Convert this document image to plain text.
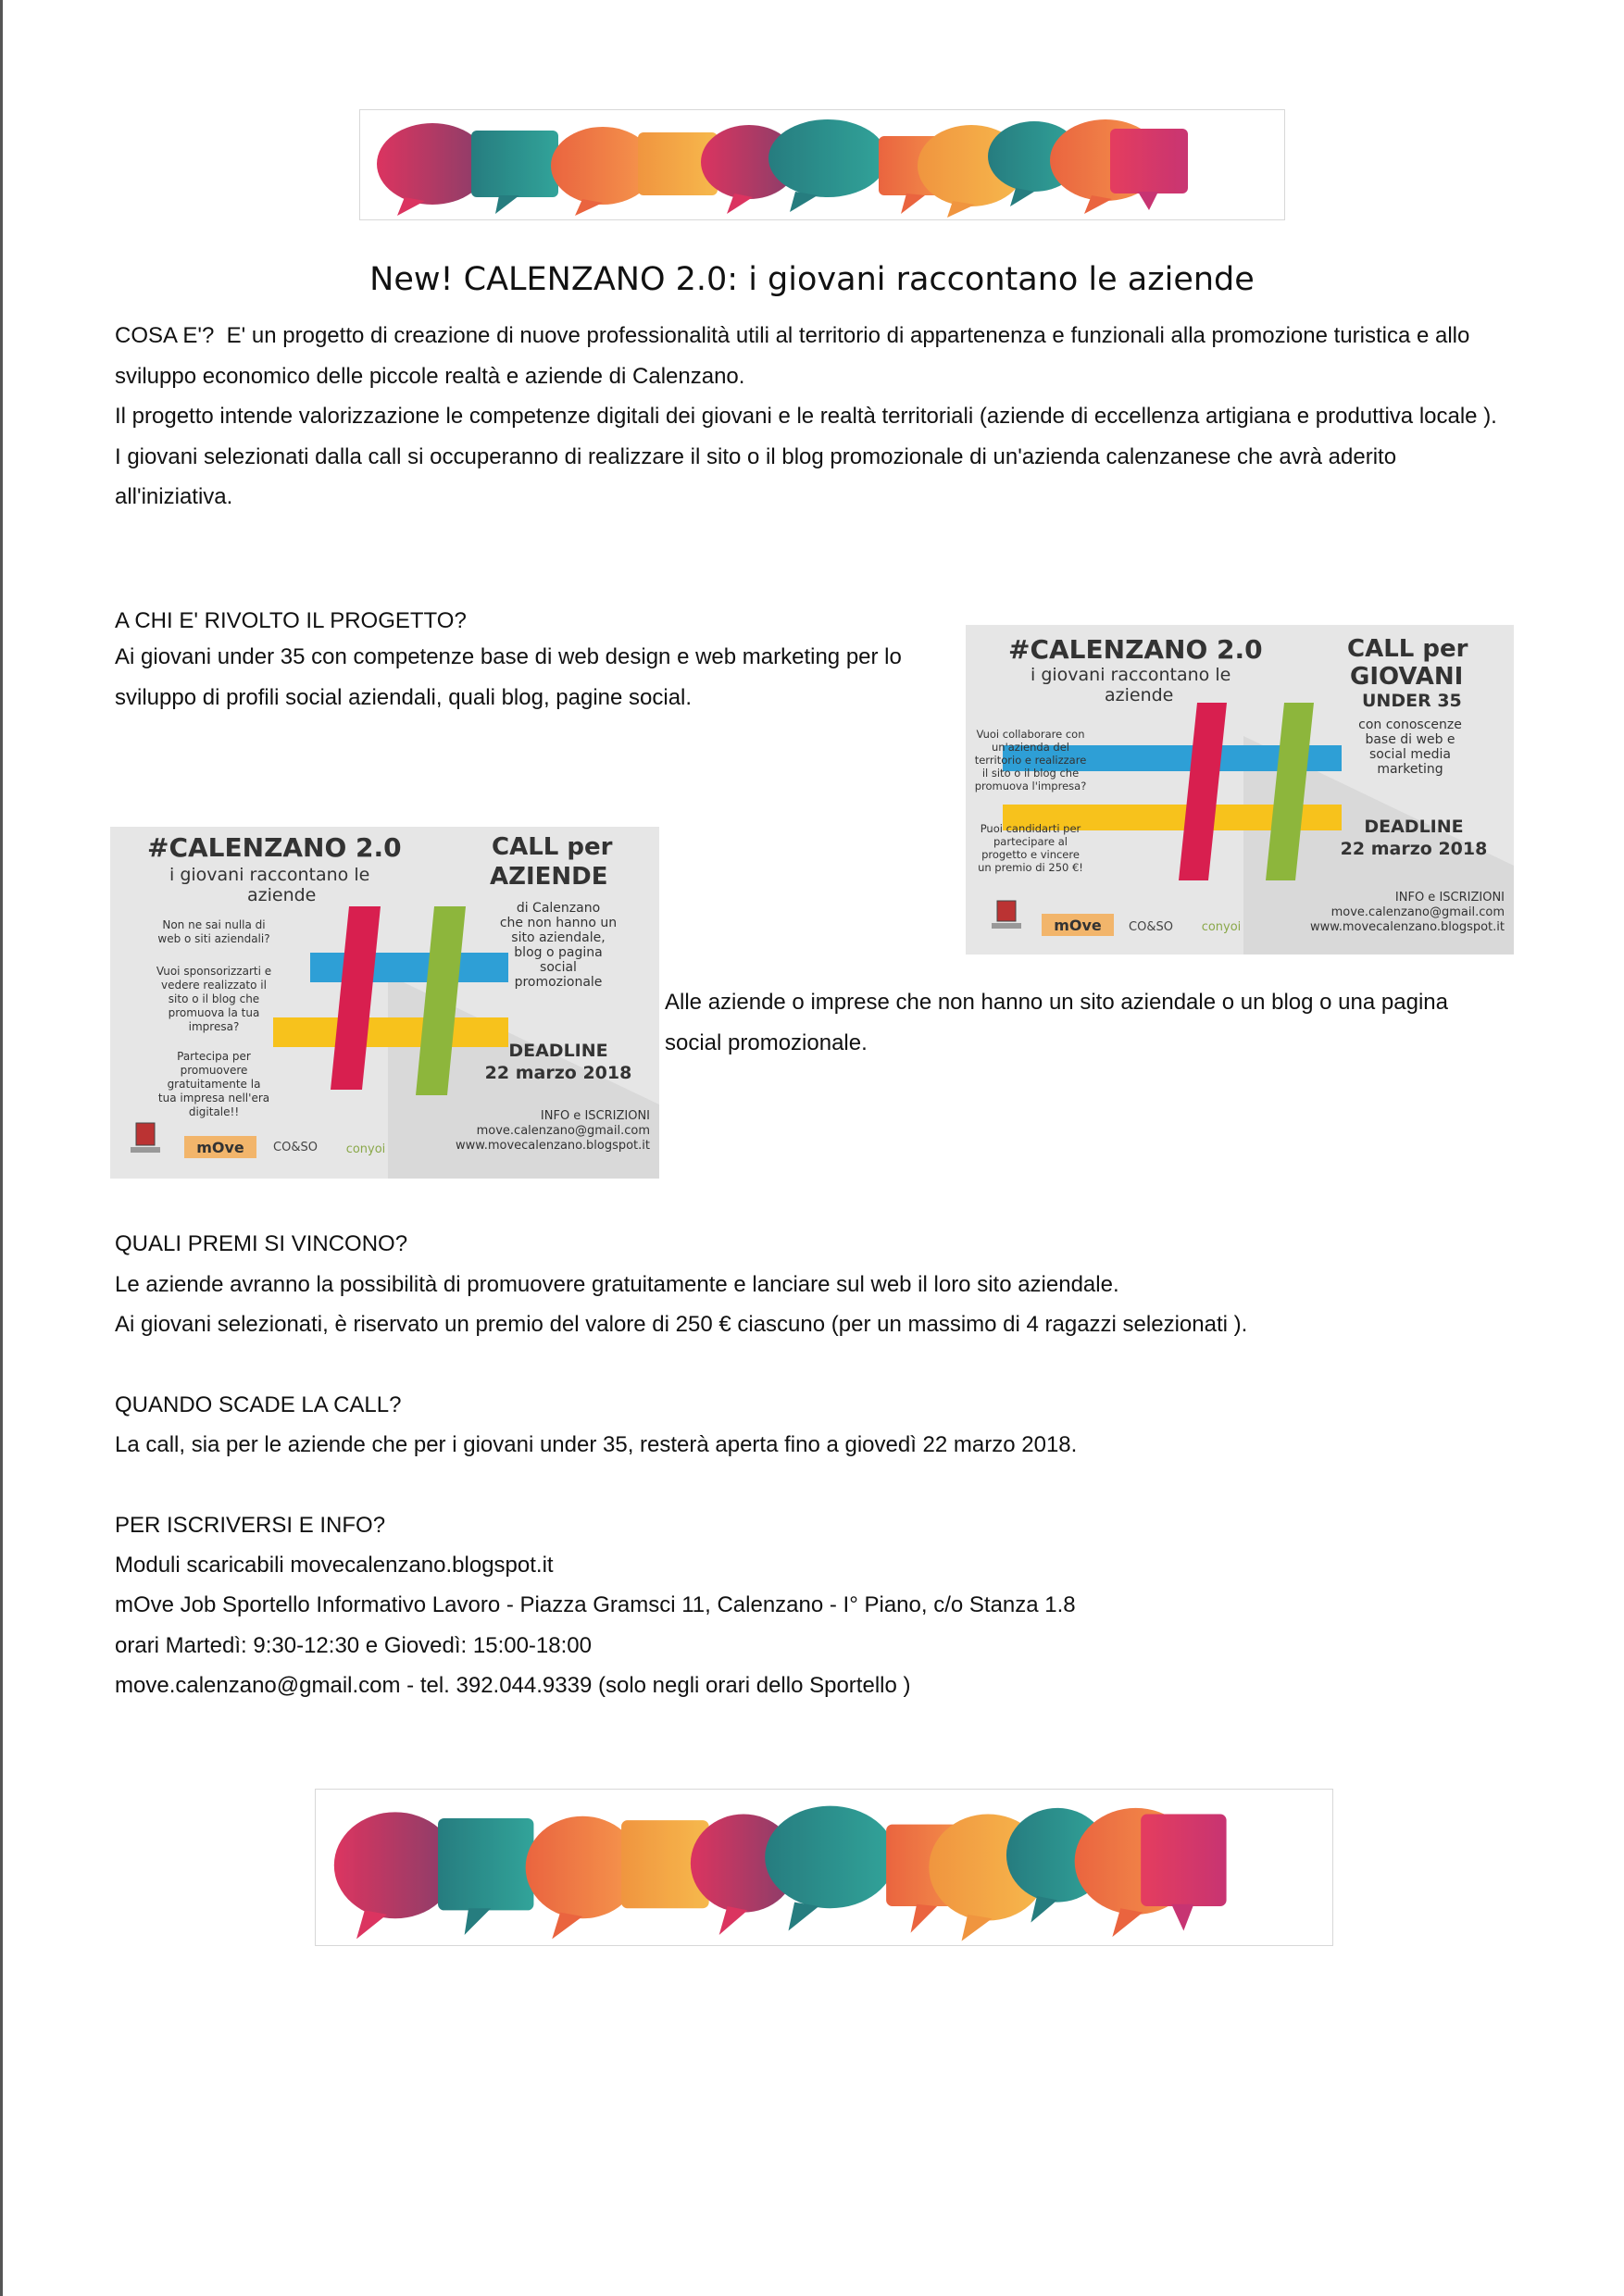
New! CALENZANO 2.0: i giovani raccontano le aziende

COSA E'? E' un progetto di creazione di nuove professionalità utili al territorio di appartenenza e funzionali alla promozione turistica e allo sviluppo economico delle piccole realtà e aziende di Calenzano.
Il progetto intende valorizzazione le competenze digitali dei giovani e le realtà territoriali (aziende di eccellenza artigiana e produttiva locale ).
I giovani selezionati dalla call si occuperanno di realizzare il sito o il blog promozionale di un'azienda calenzanese che avrà aderito all'iniziativa.

A CHI E' RIVOLTO IL PROGETTO?

Ai giovani under 35 con competenze base di web design e web marketing per lo sviluppo di profili social aziendali, quali blog, pagine social.

#CALENZANO 2.0
i giovani raccontano le
aziende
CALL per
GIOVANI
UNDER 35
Vuoi collaborare con
un'azienda del
territorio e realizzare
il sito o il blog che
promuova l'impresa?
Puoi candidarti per
partecipare al
progetto e vincere
un premio di 250 €!
con conoscenze
base di web e
social media
marketing
DEADLINE
22 marzo 2018
INFO e ISCRIZIONI
move.calenzano@gmail.com
www.movecalenzano.blogspot.it
mOve CO&SO conyoi
#CALENZANO 2.0
i giovani raccontano le
aziende
CALL per
AZIENDE
Non ne sai nulla di
web o siti aziendali?
Vuoi sponsorizzarti e
vedere realizzato il
sito o il blog che
promuova la tua
impresa?
Partecipa per
promuovere
gratuitamente la
tua impresa nell'era
digitale!!
di Calenzano
che non hanno un
sito aziendale,
blog o pagina
social
promozionale
DEADLINE
22 marzo 2018
INFO e ISCRIZIONI
move.calenzano@gmail.com
www.movecalenzano.blogspot.it
mOve CO&SO conyoi

Alle aziende o imprese che non hanno un sito aziendale o un blog o una pagina social promozionale.

QUALI PREMI SI VINCONO?
Le aziende avranno la possibilità di promuovere gratuitamente e lanciare sul web il loro sito aziendale.
Ai giovani selezionati, è riservato un premio del valore di 250 € ciascuno (per un massimo di 4 ragazzi selezionati ).
QUANDO SCADE LA CALL?
La call, sia per le aziende che per i giovani under 35, resterà aperta fino a giovedì 22 marzo 2018.
PER ISCRIVERSI E INFO?
Moduli scaricabili movecalenzano.blogspot.it
mOve Job Sportello Informativo Lavoro - Piazza Gramsci 11, Calenzano - I° Piano, c/o Stanza 1.8
orari Martedì: 9:30-12:30 e Giovedì: 15:00-18:00
move.calenzano@gmail.com - tel. 392.044.9339 (solo negli orari dello Sportello )
